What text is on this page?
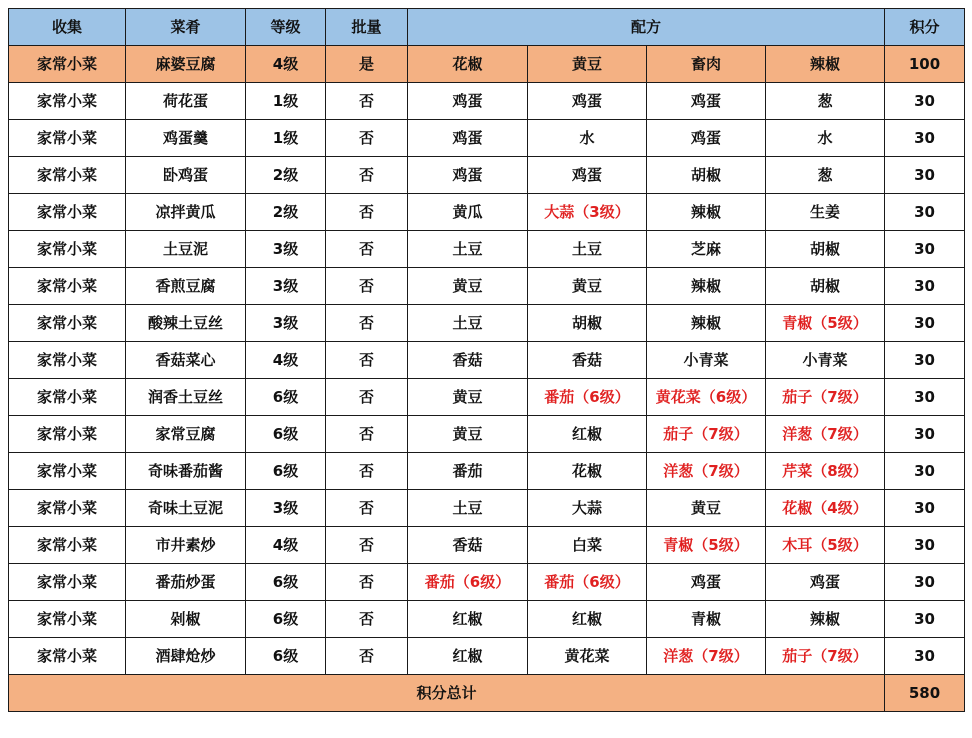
收集	菜肴	等级	批量	配方				积分
家常小菜	麻婆豆腐	4级	是	花椒	黄豆	畜肉	辣椒	100
家常小菜	荷花蛋	1级	否	鸡蛋	鸡蛋	鸡蛋	葱	30
家常小菜	鸡蛋羹	1级	否	鸡蛋	水	鸡蛋	水	30
家常小菜	卧鸡蛋	2级	否	鸡蛋	鸡蛋	胡椒	葱	30
家常小菜	凉拌黄瓜	2级	否	黄瓜	大蒜（3级）	辣椒	生姜	30
家常小菜	土豆泥	3级	否	土豆	土豆	芝麻	胡椒	30
家常小菜	香煎豆腐	3级	否	黄豆	黄豆	辣椒	胡椒	30
家常小菜	酸辣土豆丝	3级	否	土豆	胡椒	辣椒	青椒（5级）	30
家常小菜	香菇菜心	4级	否	香菇	香菇	小青菜	小青菜	30
家常小菜	润香土豆丝	6级	否	黄豆	番茄（6级）	黄花菜（6级）	茄子（7级）	30
家常小菜	家常豆腐	6级	否	黄豆	红椒	茄子（7级）	洋葱（7级）	30
家常小菜	奇味番茄酱	6级	否	番茄	花椒	洋葱（7级）	芹菜（8级）	30
家常小菜	奇味土豆泥	3级	否	土豆	大蒜	黄豆	花椒（4级）	30
家常小菜	市井素炒	4级	否	香菇	白菜	青椒（5级）	木耳（5级）	30
家常小菜	番茄炒蛋	6级	否	番茄（6级）	番茄（6级）	鸡蛋	鸡蛋	30
家常小菜	剁椒	6级	否	红椒	红椒	青椒	辣椒	30
家常小菜	酒肆炝炒	6级	否	红椒	黄花菜	洋葱（7级）	茄子（7级）	30
积分总计								580
